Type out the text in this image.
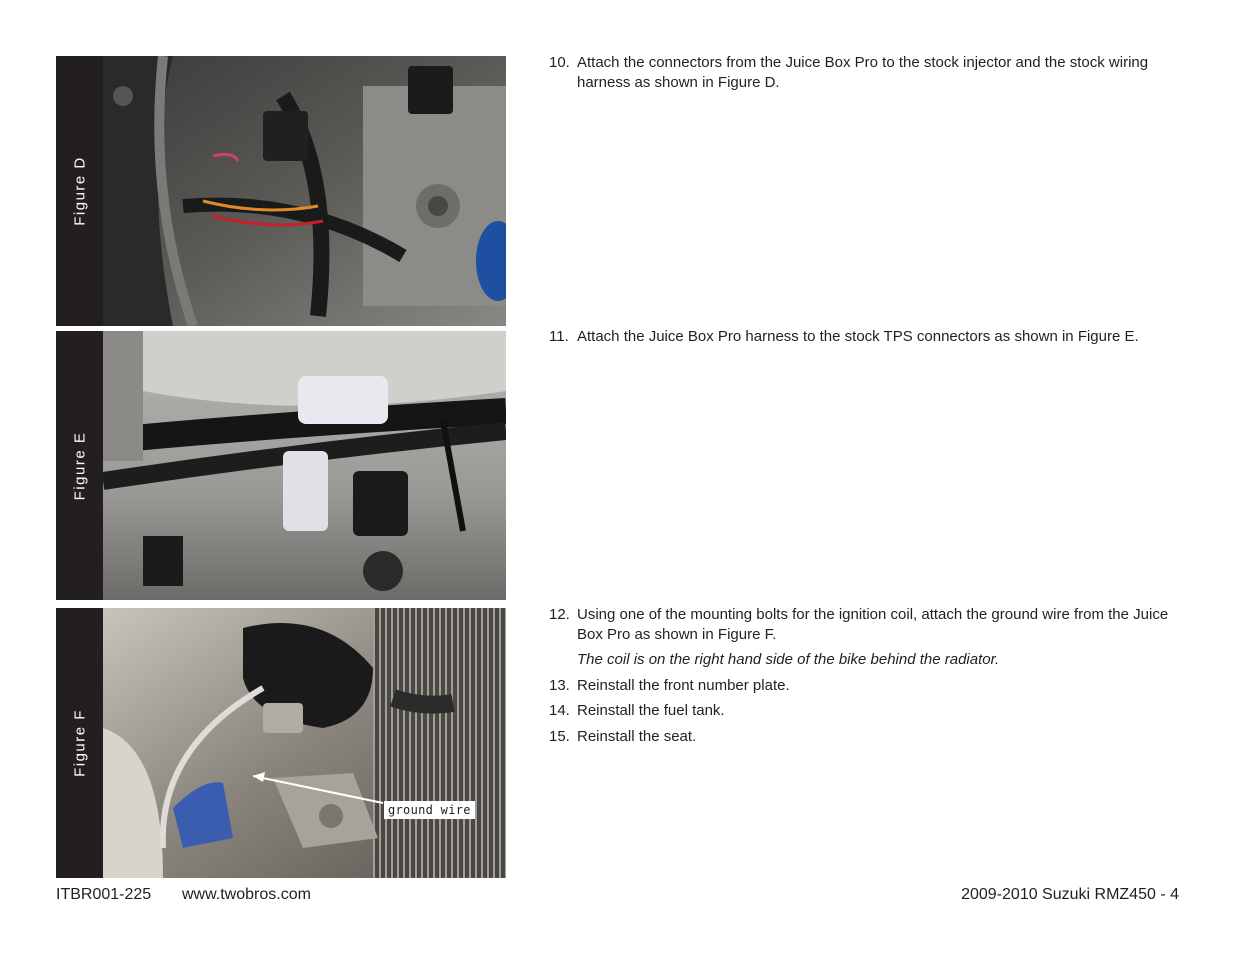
Figure D
Figure E
Figure F
ground wire
10. Attach the connectors from the Juice Box Pro to the stock injector and the stock wiring harness as shown in Figure D.
11. Attach the Juice Box Pro harness to the stock TPS connectors as shown in Figure E.
12. Using one of the mounting bolts for the ignition coil, attach the ground wire from the Juice Box Pro as shown in Figure F.
The coil is on the right hand side of the bike behind the radiator.
13. Reinstall the front number plate.
14. Reinstall the fuel tank.
15. Reinstall the seat.
ITBR001-225 www.twobros.com	2009-2010 Suzuki RMZ450 - 4
